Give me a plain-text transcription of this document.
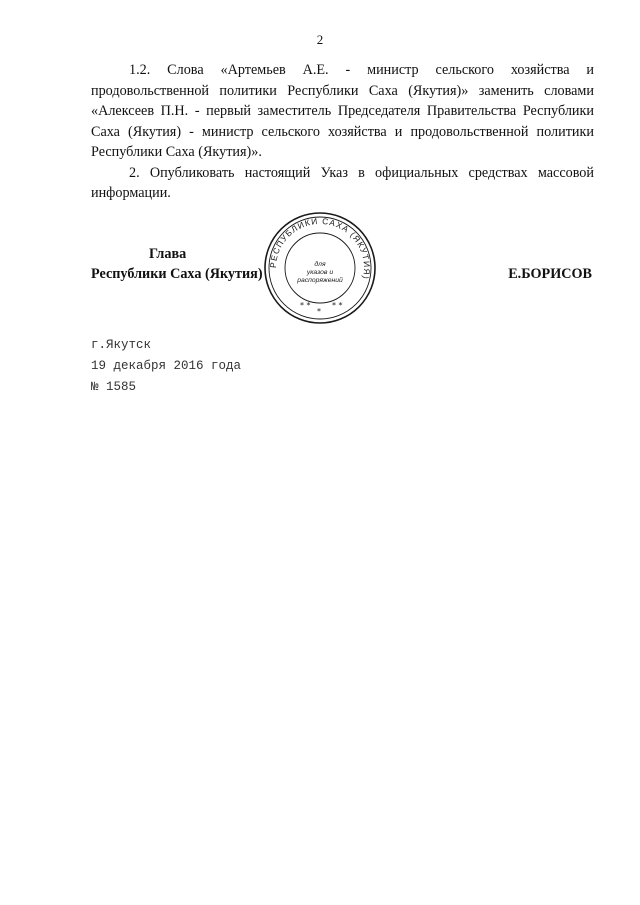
2

1.2. Слова «Артемьев А.Е. - министр сельского хозяйства и продовольственной политики Республики Саха (Якутия)» заменить словами «Алексеев П.Н. - первый заместитель Председателя Правительства Республики Саха (Якутия) - министр сельского хозяйства и продовольственной политики Республики Саха (Якутия)».

2. Опубликовать настоящий Указ в официальных средствах массовой информации.

Глава
Республики Саха (Якутия)	Е.БОРИСОВ
РЕСПУБЛИКИ САХА (ЯКУТИЯ)
для
указов и
распоряжений
* *	* *
*
г.Якутск
19 декабря 2016 года
№ 1585
